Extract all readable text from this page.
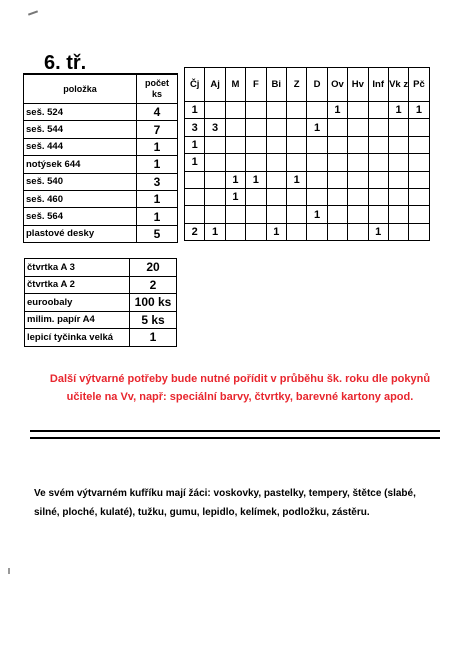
6. tř.
položka	počet
ks
seš. 524	4
seš. 544	7
seš. 444	1
notýsek 644	1
seš. 540	3
seš. 460	1
seš. 564	1
plastové desky	5
Čj	Aj	M	F	Bi	Z	D	Ov	Hv	Inf	Vk z	Pč
1							1			1	1
3	3					1					
1											
1											
		1	1		1						
		1									
						1					
2	1			1					1		
čtvrtka A 3	20
čtvrtka A 2	2
euroobaly	100 ks
milim. papír A4	5 ks
lepicí tyčinka velká	1
Další výtvarné potřeby bude nutné pořídit v průběhu šk. roku dle pokynů učitele na Vv, např: speciální barvy, čtvrtky, barevné kartony apod.
Ve svém výtvarném kufříku mají žáci: voskovky, pastelky, tempery, štětce (slabé, silné, ploché, kulaté), tužku, gumu, lepidlo, kelímek, podložku, zástěru.
